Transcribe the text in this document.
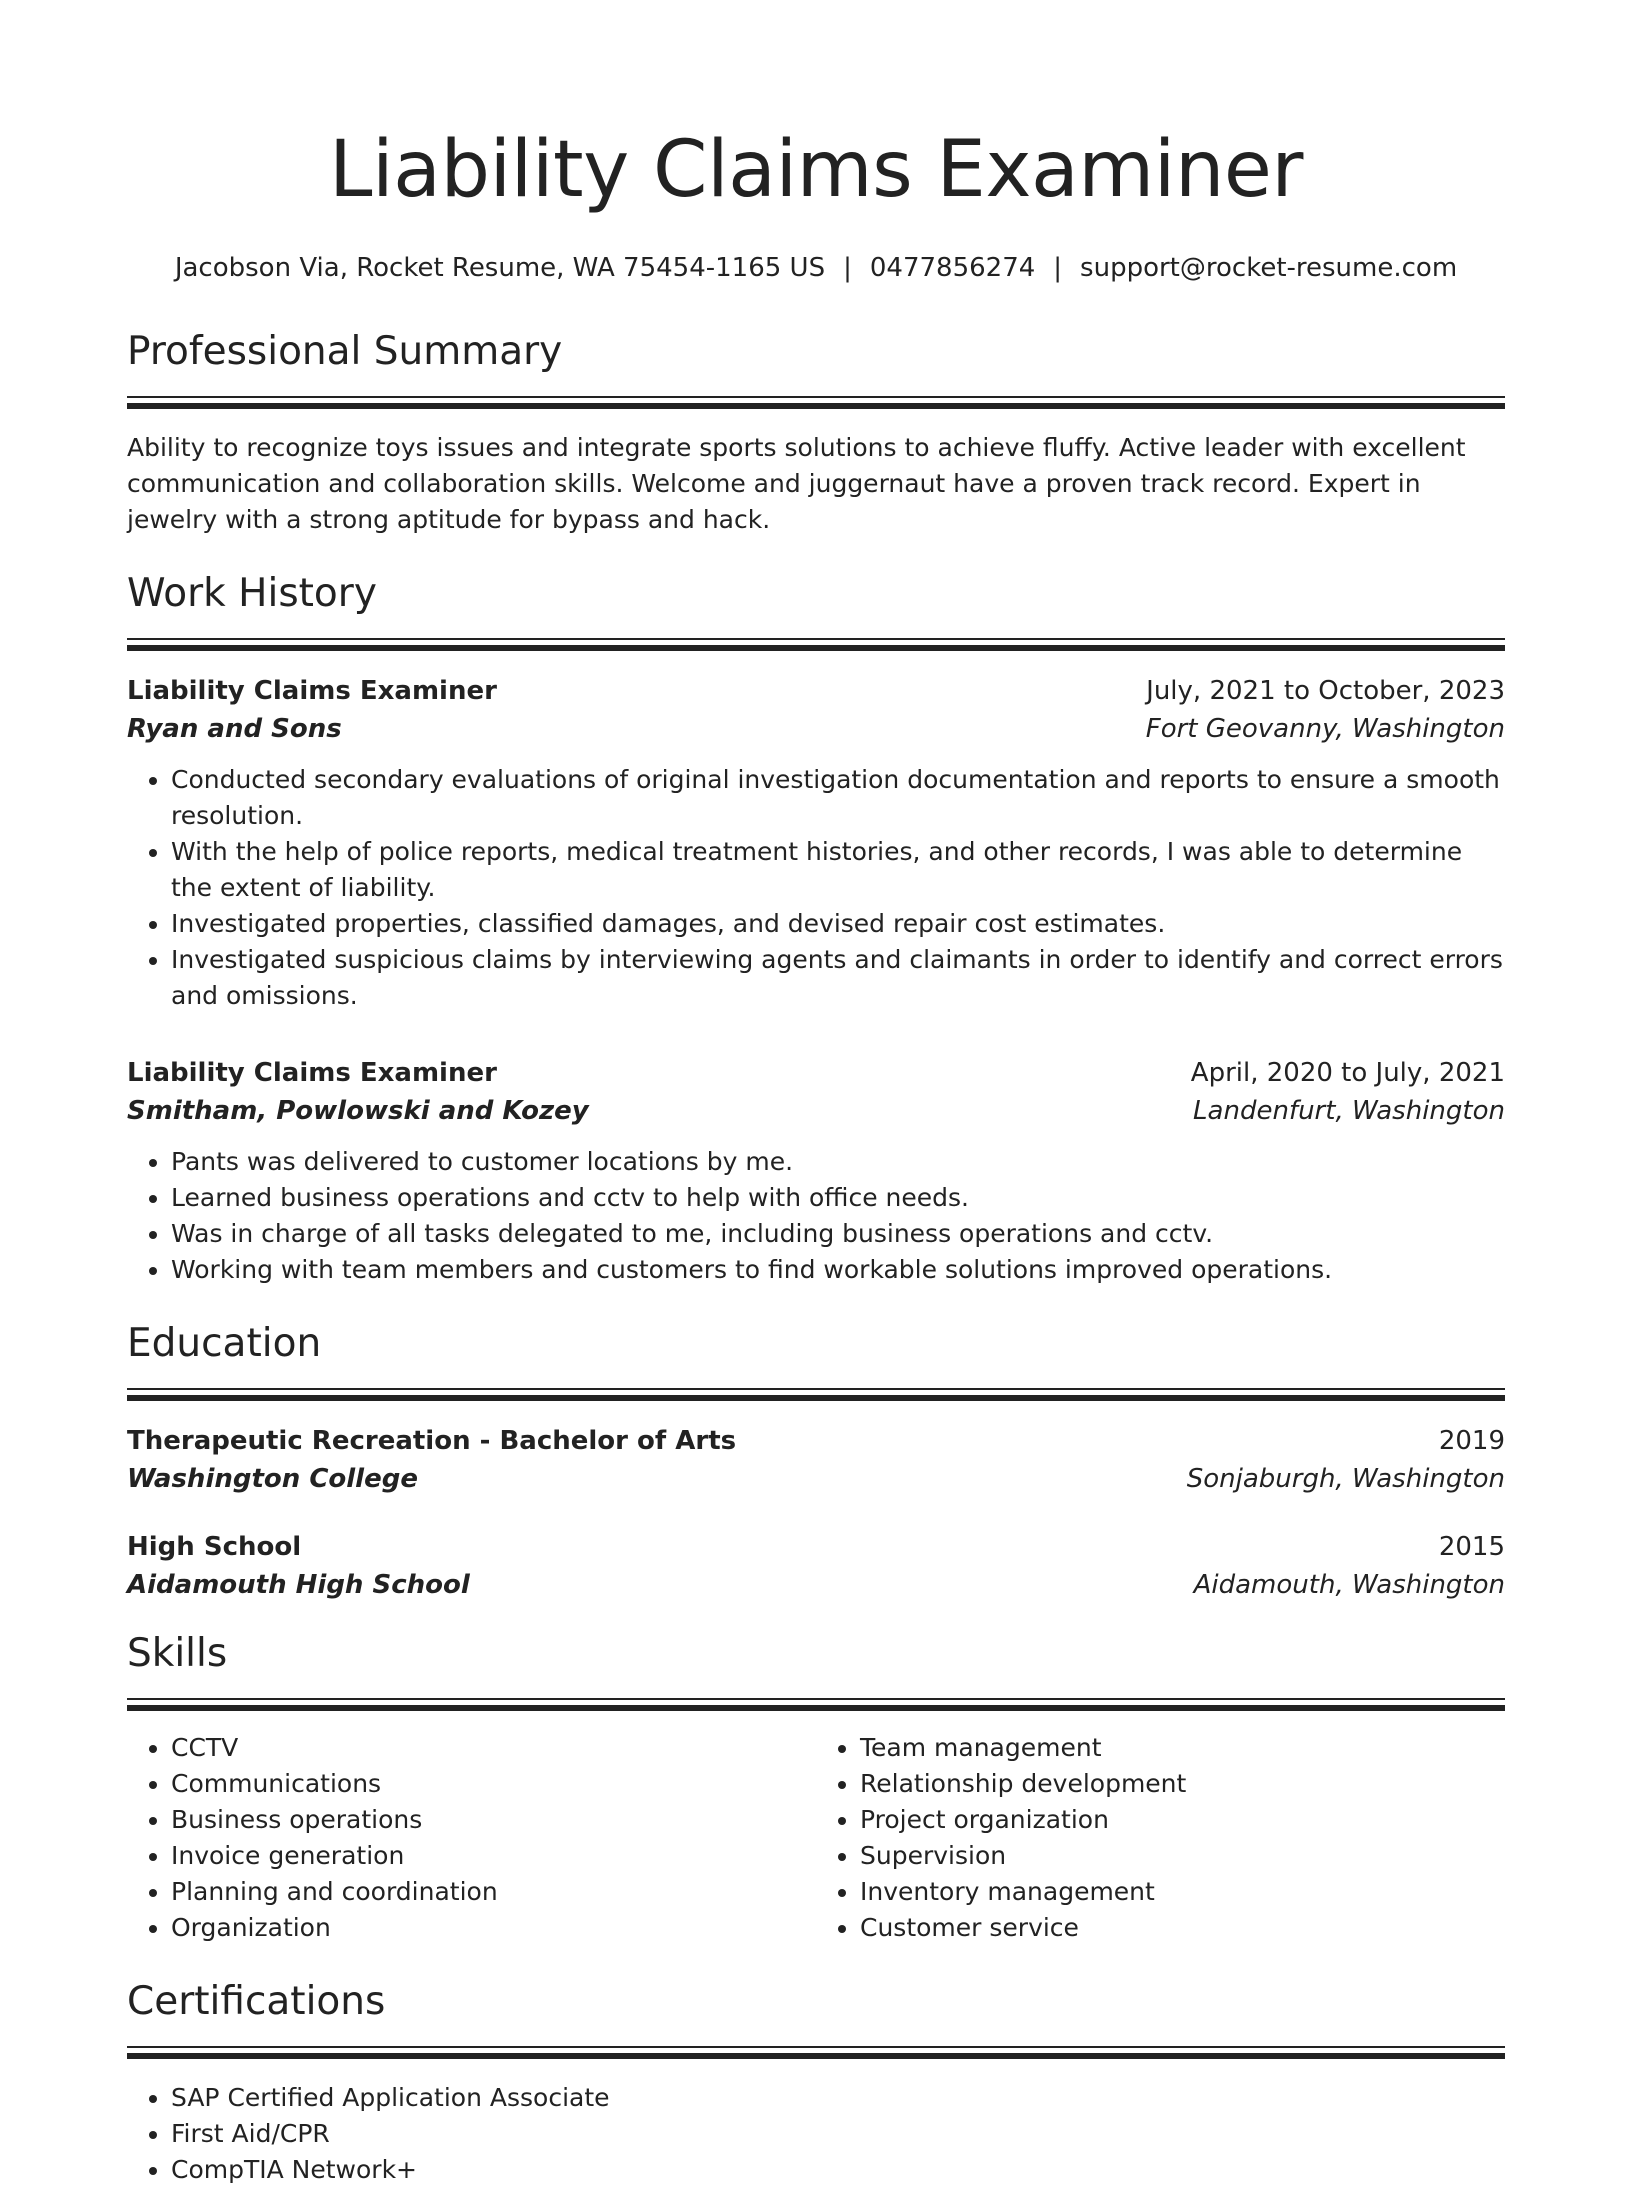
Liability Claims Examiner
Jacobson Via, Rocket Resume, WA 75454-1165 US | 0477856274 | support@rocket-resume.com
Professional Summary

Ability to recognize toys issues and integrate sports solutions to achieve fluffy. Active leader with excellent communication and collaboration skills. Welcome and juggernaut have a proven track record. Expert in jewelry with a strong aptitude for bypass and hack.

Work History
Liability Claims Examiner	July, 2021 to October, 2023
Ryan and Sons	Fort Geovanny, Washington
• Conducted secondary evaluations of original investigation documentation and reports to ensure a smooth resolution.
• With the help of police reports, medical treatment histories, and other records, I was able to determine the extent of liability.
• Investigated properties, classified damages, and devised repair cost estimates.
• Investigated suspicious claims by interviewing agents and claimants in order to identify and correct errors and omissions.
Liability Claims Examiner	April, 2020 to July, 2021
Smitham, Powlowski and Kozey	Landenfurt, Washington
• Pants was delivered to customer locations by me.
• Learned business operations and cctv to help with office needs.
• Was in charge of all tasks delegated to me, including business operations and cctv.
• Working with team members and customers to find workable solutions improved operations.
Education
Therapeutic Recreation - Bachelor of Arts	2019
Washington College	Sonjaburgh, Washington
High School	2015
Aidamouth High School	Aidamouth, Washington
Skills
• CCTV
• Communications
• Business operations
• Invoice generation
• Planning and coordination
• Organization
• Team management
• Relationship development
• Project organization
• Supervision
• Inventory management
• Customer service
Certifications
• SAP Certified Application Associate
• First Aid/CPR
• CompTIA Network+
